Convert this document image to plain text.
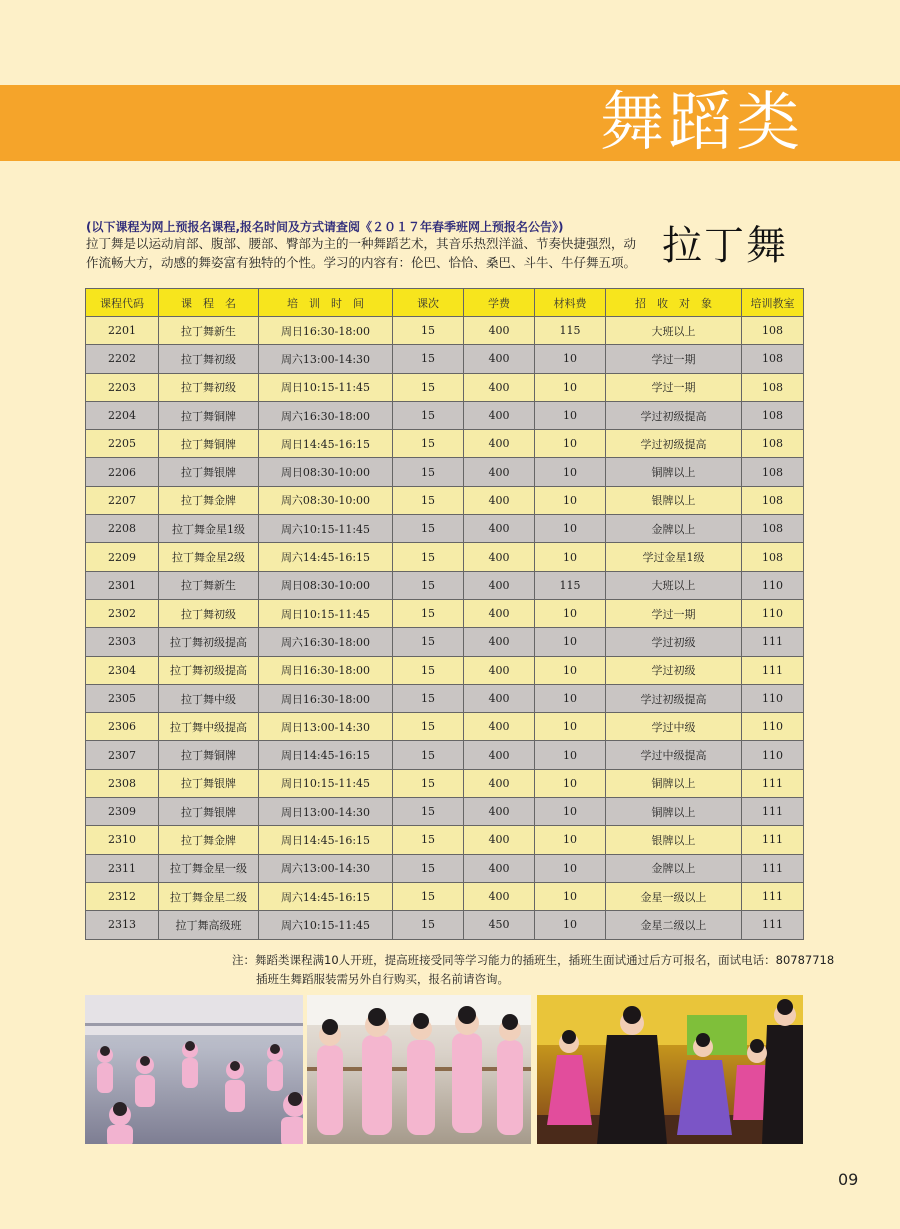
舞蹈类
(以下课程为网上预报名课程,报名时间及方式请查阅《２０１７年春季班网上预报名公告》)
拉丁舞是以运动肩部、腹部、腰部、臀部为主的一种舞蹈艺术，其音乐热烈洋溢、节奏快捷强烈，动作流畅大方，动感的舞姿富有独特的个性。学习的内容有：伦巴、恰恰、桑巴、斗牛、牛仔舞五项。 拉丁舞
课程代码	课　程　名	培　训　时　间	课次	学费	材料费	招　收　对　象	培训教室
2201	拉丁舞新生	周日16:30-18:00	15	400	115	大班以上	108
2202	拉丁舞初级	周六13:00-14:30	15	400	10	学过一期	108
2203	拉丁舞初级	周日10:15-11:45	15	400	10	学过一期	108
2204	拉丁舞铜牌	周六16:30-18:00	15	400	10	学过初级提高	108
2205	拉丁舞铜牌	周日14:45-16:15	15	400	10	学过初级提高	108
2206	拉丁舞银牌	周日08:30-10:00	15	400	10	铜牌以上	108
2207	拉丁舞金牌	周六08:30-10:00	15	400	10	银牌以上	108
2208	拉丁舞金星1级	周六10:15-11:45	15	400	10	金牌以上	108
2209	拉丁舞金星2级	周六14:45-16:15	15	400	10	学过金星1级	108
2301	拉丁舞新生	周日08:30-10:00	15	400	115	大班以上	110
2302	拉丁舞初级	周日10:15-11:45	15	400	10	学过一期	110
2303	拉丁舞初级提高	周六16:30-18:00	15	400	10	学过初级	111
2304	拉丁舞初级提高	周日16:30-18:00	15	400	10	学过初级	111
2305	拉丁舞中级	周日16:30-18:00	15	400	10	学过初级提高	110
2306	拉丁舞中级提高	周日13:00-14:30	15	400	10	学过中级	110
2307	拉丁舞铜牌	周日14:45-16:15	15	400	10	学过中级提高	110
2308	拉丁舞银牌	周日10:15-11:45	15	400	10	铜牌以上	111
2309	拉丁舞银牌	周日13:00-14:30	15	400	10	铜牌以上	111
2310	拉丁舞金牌	周日14:45-16:15	15	400	10	银牌以上	111
2311	拉丁舞金星一级	周六13:00-14:30	15	400	10	金牌以上	111
2312	拉丁舞金星二级	周六14:45-16:15	15	400	10	金星一级以上	111
2313	拉丁舞高级班	周六10:15-11:45	15	450	10	金星二级以上	111
注：舞蹈类课程满10人开班，提高班接受同等学习能力的插班生，插班生面试通过后方可报名，面试电话：80787718
插班生舞蹈服装需另外自行购买，报名前请咨询。
09
